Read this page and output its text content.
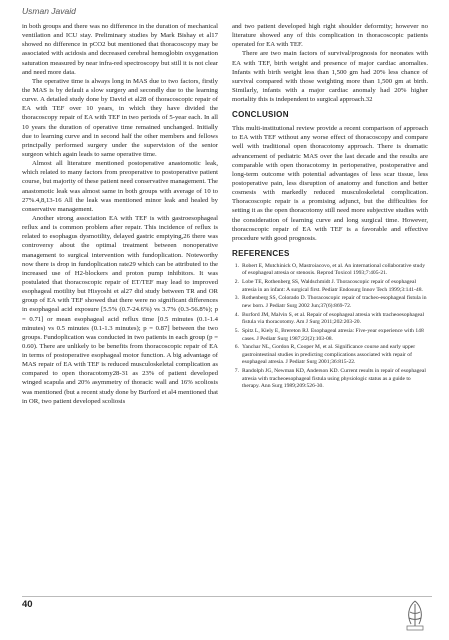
Usman Javaid

in both groups and there was no difference in the duration of mechanical ventilation and ICU stay. Preliminary studies by Mark Bishay et al17 showed no difference in pCO2 but mentioned that thoracoscopy may be associated with acidosis and decreased cerebral hemoglobin oxygenation saturation measured by near infra-red spectroscopy but still it is not clear and need more data.

The operative time is always long in MAS due to two factors, firstly the MAS is by default a slow surgery and secondly due to the learning curve. A detailed study done by David et al28 of thoracoscopic repair of EA with TEF over 10 years, in which they have divided the thoracoscopy repair of EA with TEF in two periods of 5-year each. In all 10 years the duration of operative time remained unchanged. Initially due to learning curve and in second half the other members and fellows principally performed surgery under the supervision of the senior surgeon which again leads to same operative time.

Almost all literature mentioned postoperative anastomotic leak, which related to many factors from preoperative to postoperative patient course, but majority of these patient need conservative management. The anastomotic leak was almost same in both groups with average of 10 to 27%.4,8,13-16 All the leak was mentioned minor leak and healed by conservative management.

Another strong association EA with TEF is with gastroesophageal reflux and is common problem after repair. This incidence of reflux is related to esophagus dysmotility, delayed gastric emptying,26 there was controversy about the optimal treatment between nonoperative management to surgical intervention with fundoplication. Noteworthy now there is drop in fundoplication rate29 which can be attributed to the increased use of H2-blockers and proton pump inhibitors. It was postulated that thoracoscopic repair of ET/TEF may lead to improved esophageal motility but Hisyoshi et al27 did study between TR and OR group of EA with TEF showed that there were no significant differences in esophageal acid exposure [5.5% (0.7-24.6%) vs 3.7% (0.3-56.8%); p = 0.71] or mean esophageal acid reflux time [0.5 minutes (0.1-1.4 minutes) vs 0.5 minutes (0.1-1.3 minutes); p = 0.87] between the two groups. Fundoplication was conducted in two patients in each group (p = 0.60). There are unlikely to be benefits from thoracoscopic repair of EA in terms of postoperative esophageal motor function. A big advantage of MAS repair of EA with TEF is reduced musculoskeletal complication as compared to open thoracotomy28-31 as 23% of patient developed winged scapula and 20% asymmetry of thoracic wall and 16% scoliosis was mentioned (but a recent study done by Burford et al4 mentioned that in OR, two patient developed scoliosis

and two patient developed high right shoulder deformity; however no literature showed any of this complication in thoracoscopic patients operated for EA with TEF.

There are two main factors of survival/prognosis for neonates with EA with TEF, birth weight and presence of major cardiac anomalies. Infants with birth weight less than 1,500 gm had 20% less chance of survival compared with those weighting more than 1,500 gm at birth. Similarly, infants with a major cardiac anomaly had 20% higher mortality this is independent to surgical approach.32

CONCLUSION

This multi-institutional review provide a recent comparison of approach to EA with TEF without any worse effect of thoracoscopy and compare well with traditional open thoracotomy approach. There is dramatic advancement of pediatric MAS over the last decade and the results are comparable with open thoracotomy in perioperative, postoperative and long-term outcome with potential advantages of less scar tissue, less postoperative pain, less disruption of anatomy and function and better cosmesis with markedly reduced musculoskeletal complication. Thoracoscopic repair is a promising adjunct, but the difficulties for setting it as the open thoracotomy still need more subjective studies with the consideration of learning curve and long surgical time. However, thoracoscopic repair of EA with TEF is a favorable and effective procedure with good prognosis.

REFERENCES
1. Robert E, Mutchinick O, Mastroiacovo, et al. An international collaborative study of esophageal atresia or stenosis. Reprod Toxicol 1993;7:405-21.
2. Lobe TE, Rothenberg SS, Waldschmidt J. Thoracoscopic repair of esophageal atresia in an infant: A surgical first. Pediatr Endosurg Innov Tech 1999;3:141-48.
3. Rothenberg SS, Colorado D. Thoracoscopic repair of tracheo-esophageal fistula in new born. J Pediatr Surg 2002 Jun;37(6):869-72.
4. Burford JM, Malvin S, et al. Repair of esophageal atresia with tracheoesophageal fistula via thoracotomy. Am J Surg 2011;202:203-20.
5. Spitz L, Kiely E, Brereton RJ. Esophageal atresia: Five-year experience with 148 cases. J Pediatr Surg 1987;22(2):103-08.
6. Yanchar NL, Gordon R, Cooper M, et al. Significance course and early upper gastrointestinal studies in predicting complications associated with repair of esophageal atresia. J Pediatr Surg 2001;36:815-22.
7. Randolph JG, Newman KD, Anderson KD. Current results in repair of esophageal atresia with tracheoesophageal fistula using physiologic status as a guide to therapy. Ann Surg 1989;209:526-30.
40
